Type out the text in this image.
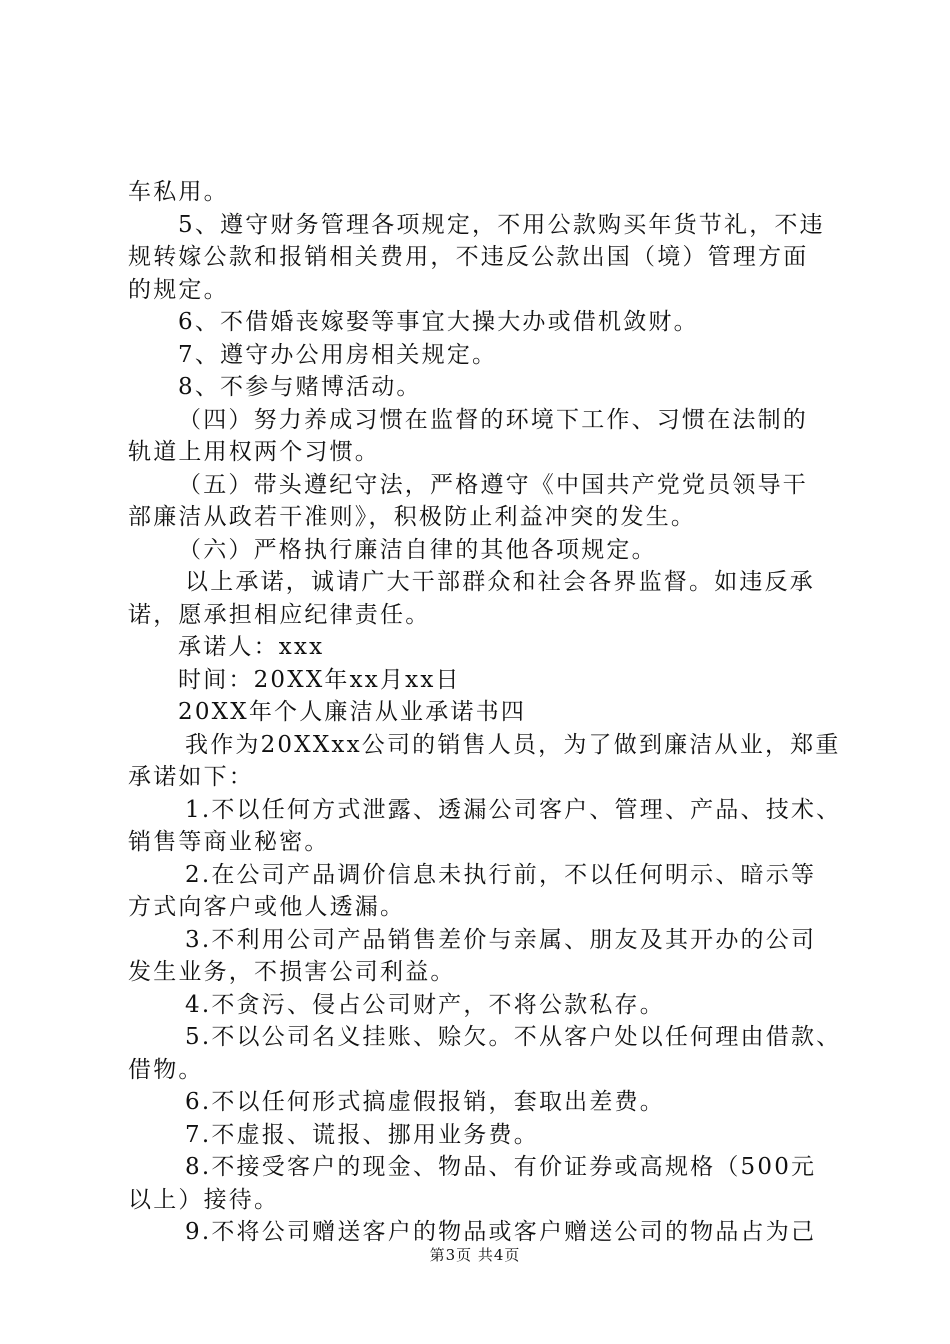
车私用。
5、遵守财务管理各项规定，不用公款购买年货节礼，不违
规转嫁公款和报销相关费用，不违反公款出国（境）管理方面
的规定。
6、不借婚丧嫁娶等事宜大操大办或借机敛财。
7、遵守办公用房相关规定。
8、不参与赌博活动。
（四）努力养成习惯在监督的环境下工作、习惯在法制的
轨道上用权两个习惯。
（五）带头遵纪守法，严格遵守《中国共产党党员领导干
部廉洁从政若干准则》，积极防止利益冲突的发生。
（六）严格执行廉洁自律的其他各项规定。
以上承诺，诚请广大干部群众和社会各界监督。如违反承
诺，愿承担相应纪律责任。
承诺人：xxx
时间：20XX年xx月xx日
20XX年个人廉洁从业承诺书四
我作为20XXxx公司的销售人员，为了做到廉洁从业，郑重
承诺如下：
1.不以任何方式泄露、透漏公司客户、管理、产品、技术、
销售等商业秘密。
2.在公司产品调价信息未执行前，不以任何明示、暗示等
方式向客户或他人透漏。
3.不利用公司产品销售差价与亲属、朋友及其开办的公司
发生业务，不损害公司利益。
4.不贪污、侵占公司财产，不将公款私存。
5.不以公司名义挂账、赊欠。不从客户处以任何理由借款、
借物。
6.不以任何形式搞虚假报销，套取出差费。
7.不虚报、谎报、挪用业务费。
8.不接受客户的现金、物品、有价证券或高规格（500元
以上）接待。
9.不将公司赠送客户的物品或客户赠送公司的物品占为己
第3页 共4页
